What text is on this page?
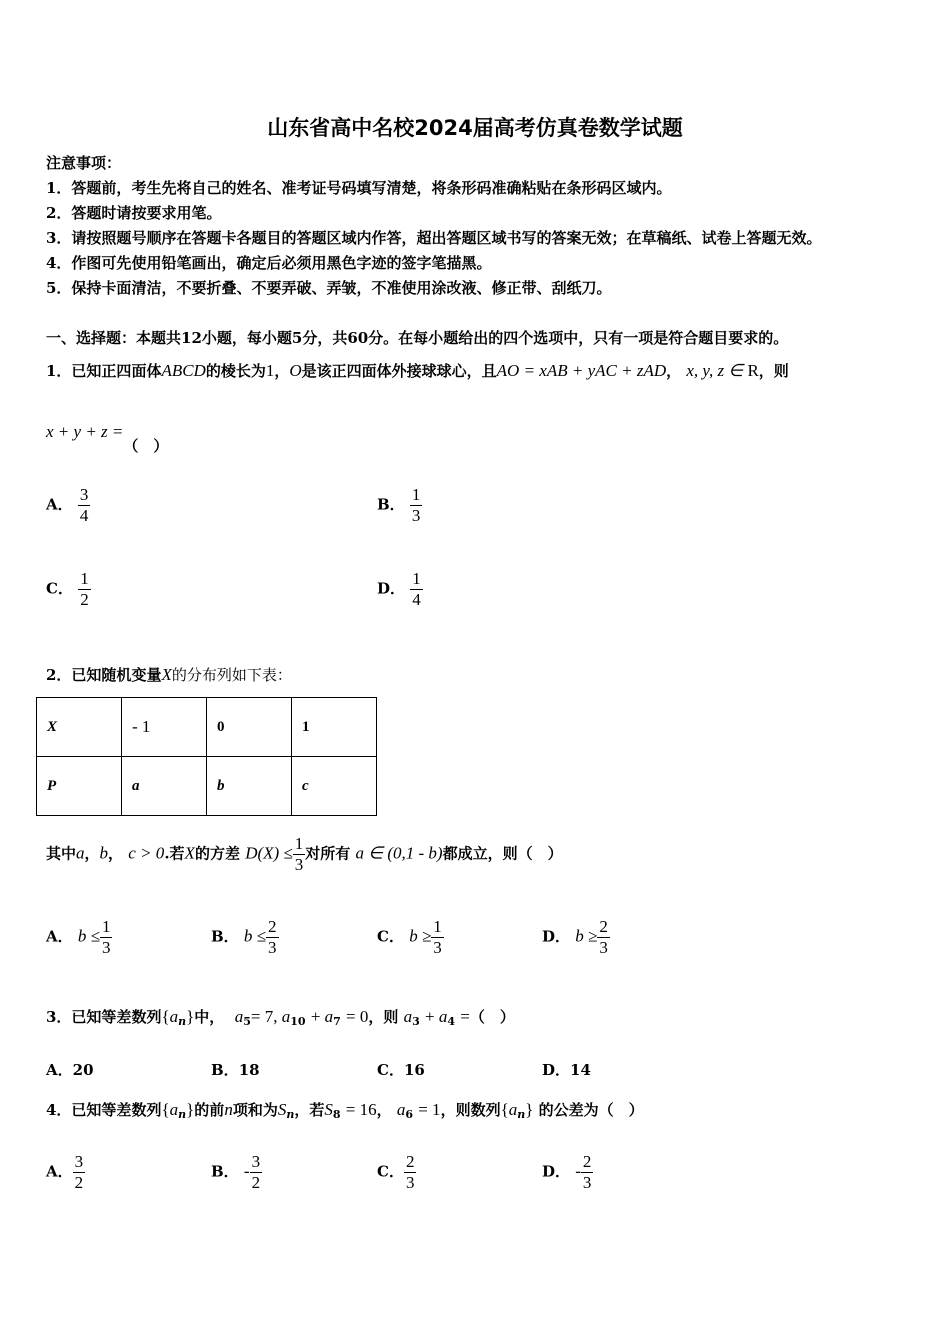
山东省高中名校2024届高考仿真卷数学试题
注意事项：
1．答题前，考生先将自己的姓名、准考证号码填写清楚，将条形码准确粘贴在条形码区域内。
2．答题时请按要求用笔。
3．请按照题号顺序在答题卡各题目的答题区域内作答，超出答题区域书写的答案无效；在草稿纸、试卷上答题无效。
4．作图可先使用铅笔画出，确定后必须用黑色字迹的签字笔描黑。
5．保持卡面清洁，不要折叠、不要弄破、弄皱，不准使用涂改液、修正带、刮纸刀。
一、选择题：本题共12小题，每小题5分，共60分。在每小题给出的四个选项中，只有一项是符合题目要求的。
1．已知正四面体ABCD的棱长为1，O是该正四面体外接球球心，且AO = xAB + yAC + zAD， x, y, z ∈ R，则
x + y + z =（　）
A． $\frac{3}{4}$	B． $\frac{1}{3}$
C． $\frac{1}{2}$	D． $\frac{1}{4}$
2．已知随机变量X的分布列如下表：
X	- 1	0	1
P	a	b	c
其中a，b， c > 0.若X的方差 $D(X) \le \frac{1}{3}$ 对所有 a ∈ (0,1 - b)都成立，则（　）
A． $b \le \frac{1}{3}$	B． $b \le \frac{2}{3}$	C． $b \ge \frac{1}{3}$	D． $b \ge \frac{2}{3}$
3．已知等差数列$\{a_n\}$中， $a_5= 7$, $a_{10} + a_7 = 0$，则 $a_3 + a_4$ =（　）
A．20	B．18	C．16	D．14
4．已知等差数列$\{a_n\}$的前n项和为$S_n$，若$S_8 = 16$， $a_6 = 1$，则数列$\{a_n\}$ 的公差为（　）
A． $\frac{3}{2}$	B． - $\frac{3}{2}$	C． $\frac{2}{3}$	D． - $\frac{2}{3}$
